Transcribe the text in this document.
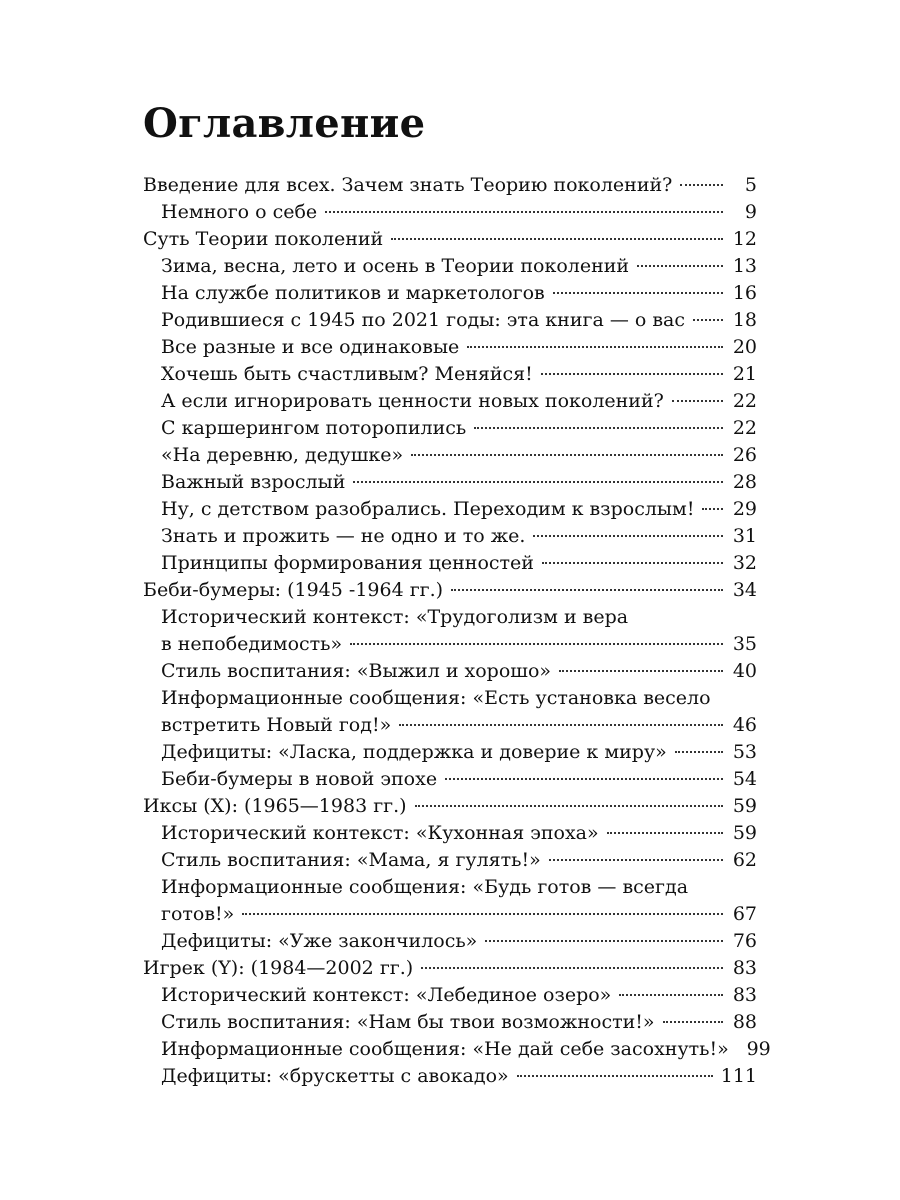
Оглавление
Введение для всех. Зачем знать Теорию поколений?	5
Немного о себе	9
Суть Теории поколений	12
Зима, весна, лето и осень в Теории поколений	13
На службе политиков и маркетологов	16
Родившиеся с 1945 по 2021 годы: эта книга — о вас	18
Все разные и все одинаковые	20
Хочешь быть счастливым? Меняйся!	21
А если игнорировать ценности новых поколений?	22
С каршерингом поторопились	22
«На деревню, дедушке»	26
Важный взрослый	28
Ну, с детством разобрались. Переходим к взрослым! 29
Знать и прожить — не одно и то же.	31
Принципы формирования ценностей	32
Беби-бумеры: (1945 -1964 гг.)	34
Исторический контекст: «Трудоголизм и вера
в непобедимость»	35
Стиль воспитания: «Выжил и хорошо»	40
Информационные сообщения: «Есть установка весело
встретить Новый год!»	46
Дефициты: «Ласка, поддержка и доверие к миру»	53
Беби-бумеры в новой эпохе	54
Иксы (X): (1965—1983 гг.)	59
Исторический контекст: «Кухонная эпоха»	59
Стиль воспитания: «Мама, я гулять!»	62
Информационные сообщения: «Будь готов — всегда
готов!»	67
Дефициты: «Уже закончилось»	76
Игрек (Y): (1984—2002 гг.)	83
Исторический контекст: «Лебединое озеро»	83
Стиль воспитания: «Нам бы твои возможности!»	88
Информационные сообщения: «Не дай себе засохнуть!» 99
Дефициты: «брускетты с авокадо»	111
